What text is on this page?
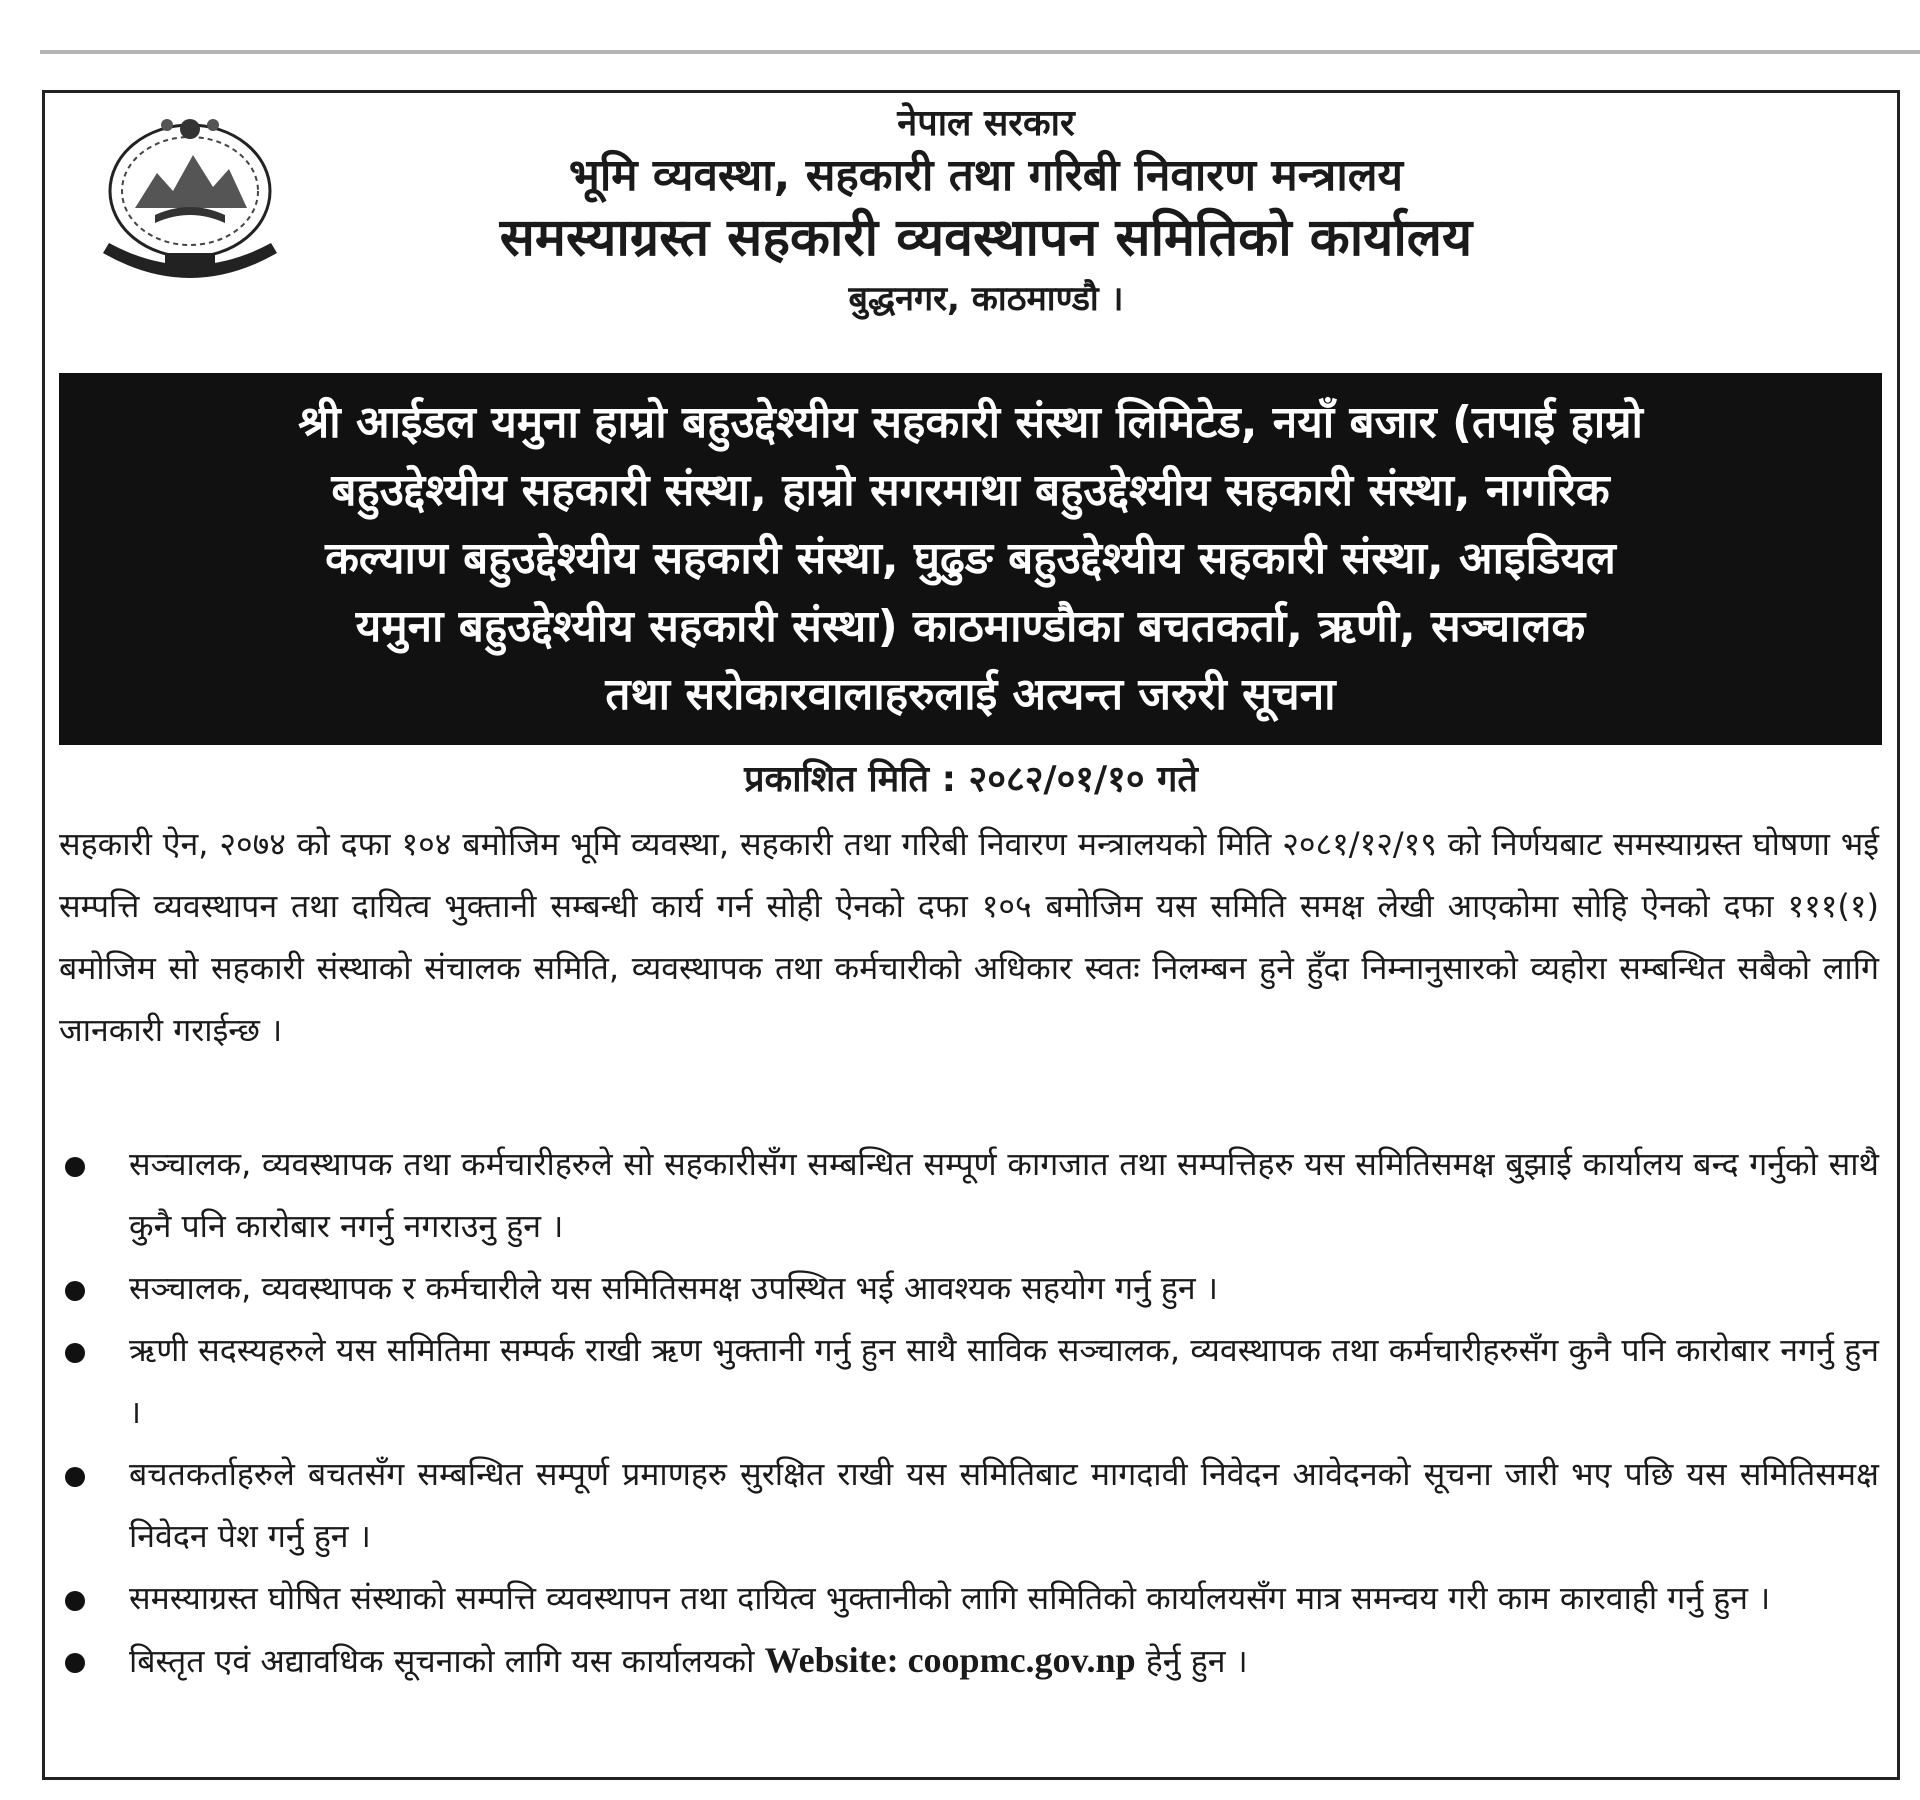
नेपाल सरकार
भूमि व्यवस्था, सहकारी तथा गरिबी निवारण मन्त्रालय
समस्याग्रस्त सहकारी व्यवस्थापन समितिको कार्यालय
बुद्धनगर, काठमाण्डौ ।
श्री आईडल यमुना हाम्रो बहुउद्देश्यीय सहकारी संस्था लिमिटेड, नयाँ बजार (तपाई हाम्रो
बहुउद्देश्यीय सहकारी संस्था, हाम्रो सगरमाथा बहुउद्देश्यीय सहकारी संस्था, नागरिक
कल्याण बहुउद्देश्यीय सहकारी संस्था, घुढुङ बहुउद्देश्यीय सहकारी संस्था, आइडियल
यमुना बहुउद्देश्यीय सहकारी संस्था) काठमाण्डौका बचतकर्ता, ऋणी, सञ्चालक
तथा सरोकारवालाहरुलाई अत्यन्त जरुरी सूचना
प्रकाशित मिति : २०८२/०१/१० गते

सहकारी ऐन, २०७४ को दफा १०४ बमोजिम भूमि व्यवस्था, सहकारी तथा गरिबी निवारण मन्त्रालयको मिति २०८१/१२/१९ को निर्णयबाट समस्याग्रस्त घोषणा भई सम्पत्ति व्यवस्थापन तथा दायित्व भुक्तानी सम्बन्धी कार्य गर्न सोही ऐनको दफा १०५ बमोजिम यस समिति समक्ष लेखी आएकोमा सोहि ऐनको दफा १११(१) बमोजिम सो सहकारी संस्थाको संचालक समिति, व्यवस्थापक तथा कर्मचारीको अधिकार स्वतः निलम्बन हुने हुँदा निम्नानुसारको व्यहोरा सम्बन्धित सबैको लागि जानकारी गराईन्छ ।

सञ्चालक, व्यवस्थापक तथा कर्मचारीहरुले सो सहकारीसँग सम्बन्धित सम्पूर्ण कागजात तथा सम्पत्तिहरु यस समितिसमक्ष बुझाई कार्यालय बन्द गर्नुको साथै कुनै पनि कारोबार नगर्नु नगराउनु हुन ।
सञ्चालक, व्यवस्थापक र कर्मचारीले यस समितिसमक्ष उपस्थित भई आवश्यक सहयोग गर्नु हुन ।
ऋणी सदस्यहरुले यस समितिमा सम्पर्क राखी ऋण भुक्तानी गर्नु हुन साथै साविक सञ्चालक, व्यवस्थापक तथा कर्मचारीहरुसँग कुनै पनि कारोबार नगर्नु हुन ।
बचतकर्ताहरुले बचतसँग सम्बन्धित सम्पूर्ण प्रमाणहरु सुरक्षित राखी यस समितिबाट मागदावी निवेदन आवेदनको सूचना जारी भए पछि यस समितिसमक्ष निवेदन पेश गर्नु हुन ।
समस्याग्रस्त घोषित संस्थाको सम्पत्ति व्यवस्थापन तथा दायित्व भुक्तानीको लागि समितिको कार्यालयसँग मात्र समन्वय गरी काम कारवाही गर्नु हुन ।
बिस्तृत एवं अद्यावधिक सूचनाको लागि यस कार्यालयको Website: coopmc.gov.np हेर्नु हुन ।
